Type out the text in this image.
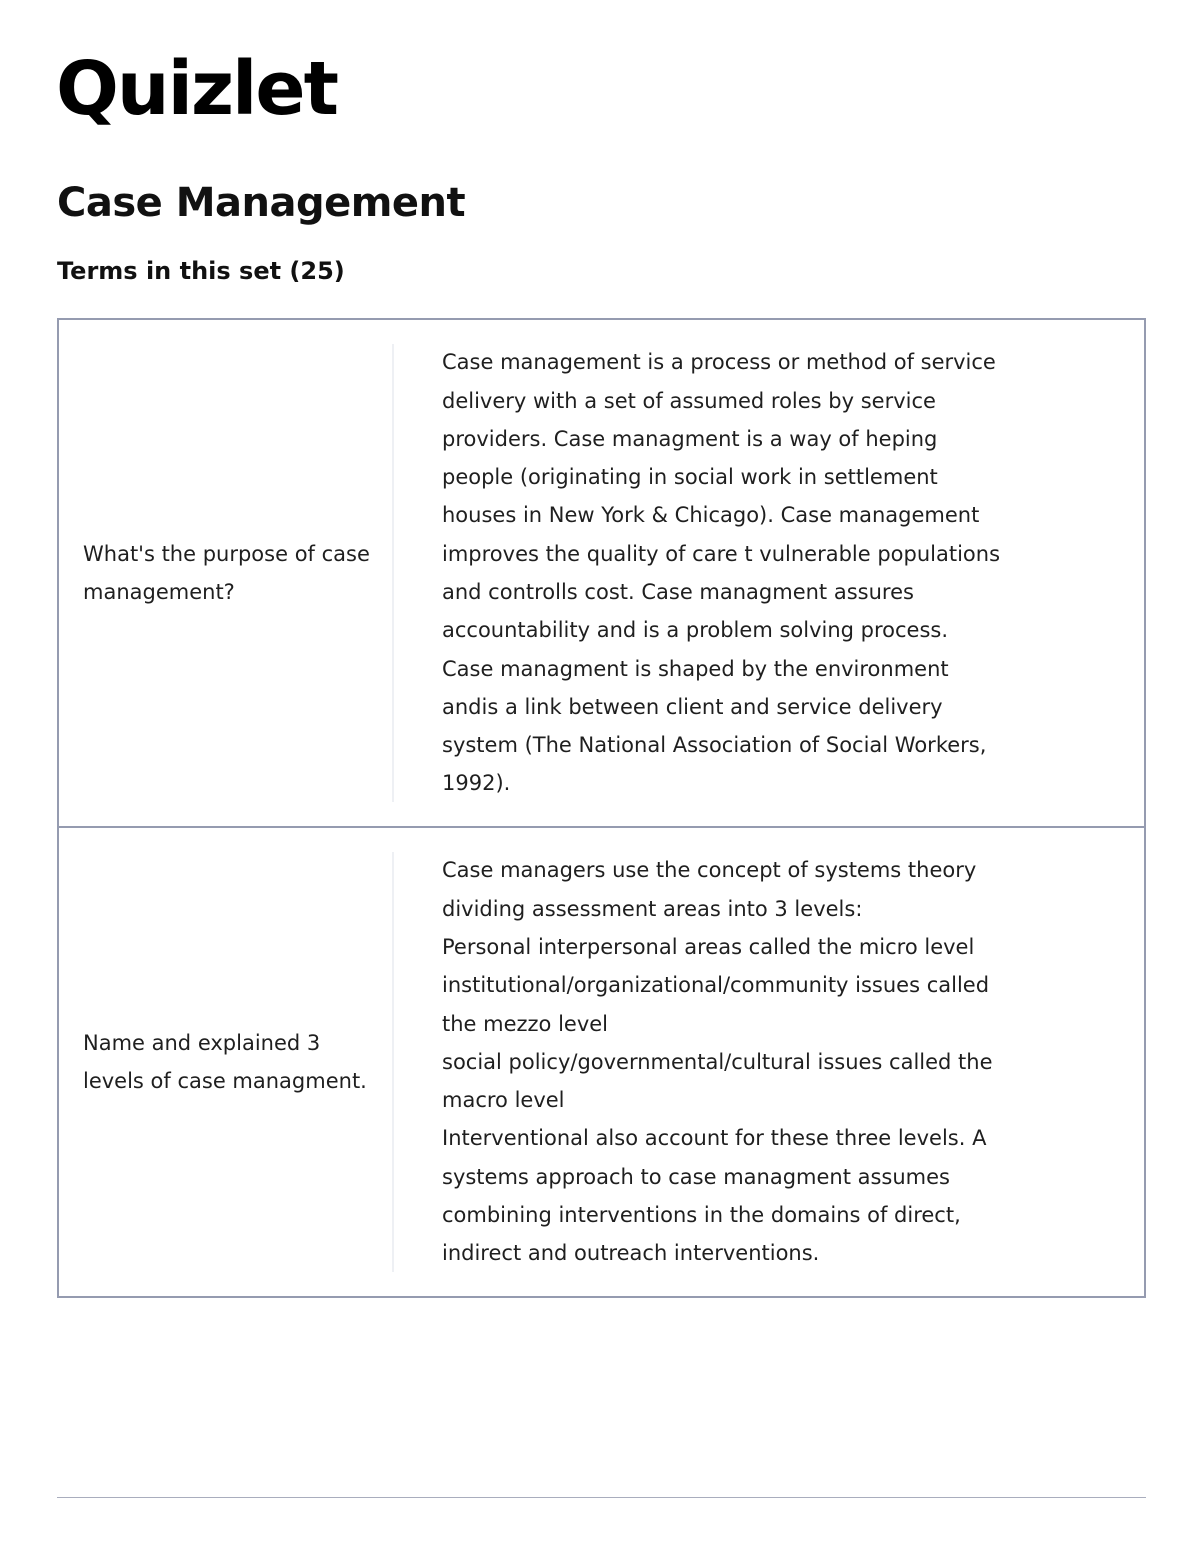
Quizlet
Case Management
Terms in this set (25)
What's the purpose of case management?
Case management is a process or method of service delivery with a set of assumed roles by service providers. Case managment is a way of heping people (originating in social work in settlement houses in New York & Chicago). Case management improves the quality of care t vulnerable populations and controlls cost. Case managment assures accountability and is a problem solving process. Case managment is shaped by the environment andis a link between client and service delivery system (The National Association of Social Workers, 1992).
Name and explained 3 levels of case managment.
Case managers use the concept of systems theory dividing assessment areas into 3 levels:
Personal interpersonal areas called the micro level
institutional/organizational/community issues called the mezzo level
social policy/governmental/cultural issues called the macro level
Interventional also account for these three levels. A systems approach to case managment assumes combining interventions in the domains of direct, indirect and outreach interventions.
